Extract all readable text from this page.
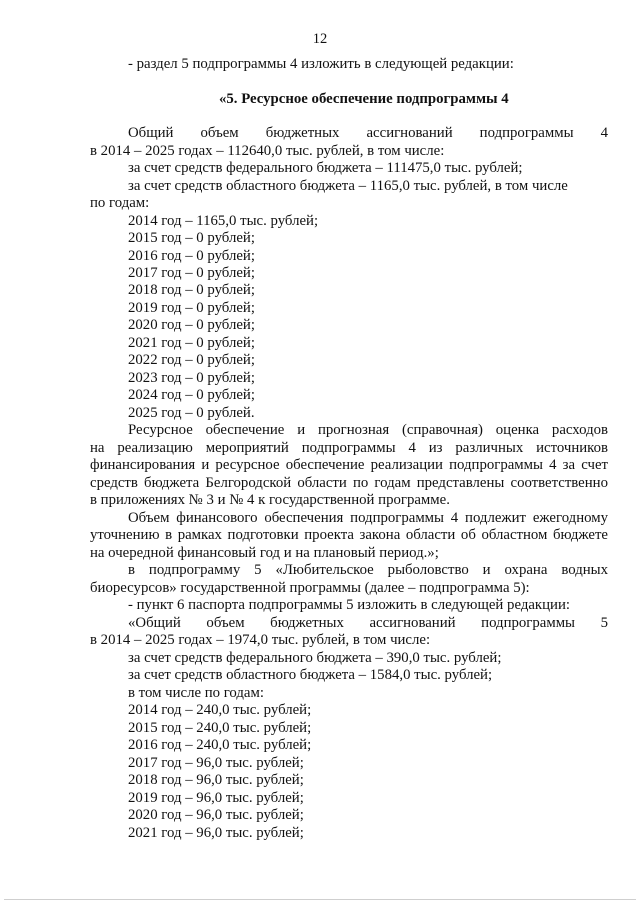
12
- раздел 5 подпрограммы 4 изложить в следующей редакции:
«5. Ресурсное обеспечение подпрограммы 4
Общий объем бюджетных ассигнований подпрограммы 4
в 2014 – 2025 годах – 112640,0 тыс. рублей, в том числе:
за счет средств федерального бюджета – 111475,0 тыс. рублей;
за счет средств областного бюджета – 1165,0 тыс. рублей, в том числе
по годам:
2014 год – 1165,0 тыс. рублей;
2015 год – 0 рублей;
2016 год – 0 рублей;
2017 год – 0 рублей;
2018 год – 0 рублей;
2019 год – 0 рублей;
2020 год – 0 рублей;
2021 год – 0 рублей;
2022 год – 0 рублей;
2023 год – 0 рублей;
2024 год – 0 рублей;
2025 год – 0 рублей.
Ресурсное обеспечение и прогнозная (справочная) оценка расходов
на реализацию мероприятий подпрограммы 4 из различных источников
финансирования и ресурсное обеспечение реализации подпрограммы 4 за счет
средств бюджета Белгородской области по годам представлены соответственно
в приложениях № 3 и № 4 к государственной программе.
Объем финансового обеспечения подпрограммы 4 подлежит ежегодному
уточнению в рамках подготовки проекта закона области об областном бюджете
на очередной финансовый год и на плановый период.»;
в подпрограмму 5 «Любительское рыболовство и охрана водных
биоресурсов» государственной программы (далее – подпрограмма 5):
- пункт 6 паспорта подпрограммы 5 изложить в следующей редакции:
«Общий объем бюджетных ассигнований подпрограммы 5
в 2014 – 2025 годах – 1974,0 тыс. рублей, в том числе:
за счет средств федерального бюджета – 390,0 тыс. рублей;
за счет средств областного бюджета – 1584,0 тыс. рублей;
в том числе по годам:
2014 год – 240,0 тыс. рублей;
2015 год – 240,0 тыс. рублей;
2016 год – 240,0 тыс. рублей;
2017 год – 96,0 тыс. рублей;
2018 год – 96,0 тыс. рублей;
2019 год – 96,0 тыс. рублей;
2020 год – 96,0 тыс. рублей;
2021 год – 96,0 тыс. рублей;
